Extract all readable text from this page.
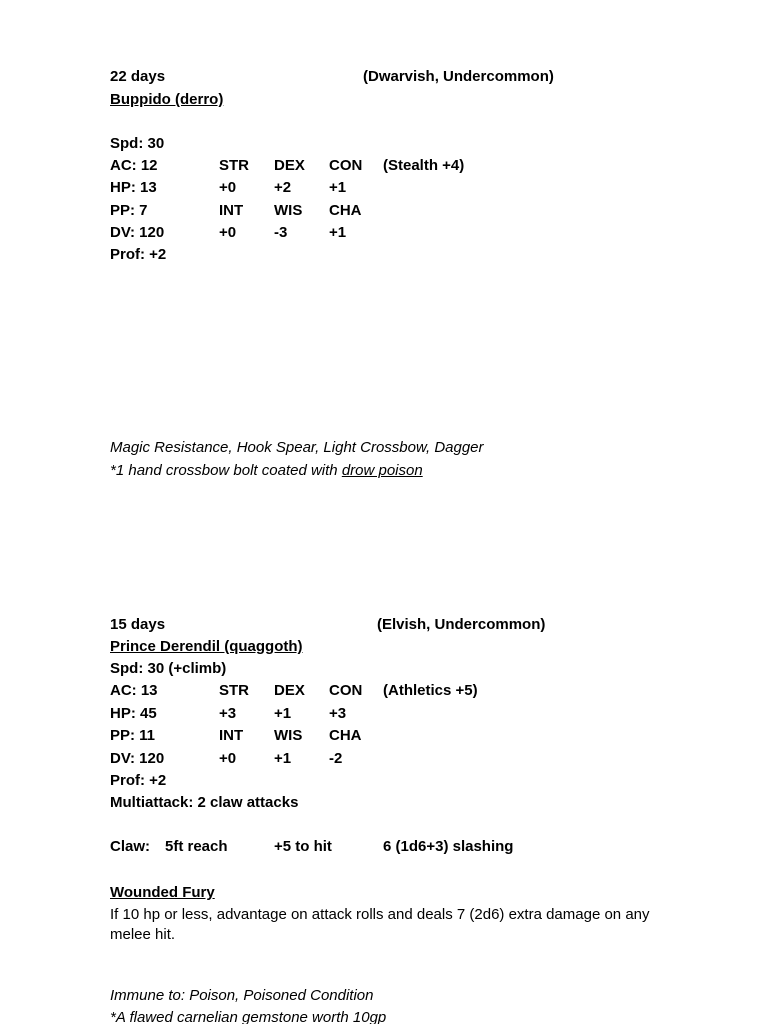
22 days	(Dwarvish, Undercommon)
Buppido (derro)
Spd: 30
AC: 12	STR DEX CON (Stealth +4)
HP: 13	+0	+2	+1
PP: 7	INT WIS CHA
DV: 120	+0	-3	+1
Prof: +2
Magic Resistance, Hook Spear, Light Crossbow, Dagger
*1 hand crossbow bolt coated with drow poison
15 days	(Elvish, Undercommon)
Prince Derendil (quaggoth)
Spd: 30 (+climb)
AC: 13	STR DEX CON (Athletics +5)
HP: 45	+3	+1	+3
PP: 11	INT WIS CHA
DV: 120	+0	+1	-2
Prof: +2
Multiattack: 2 claw attacks
Claw: 5ft reach	+5 to hit	6 (1d6+3) slashing
Wounded Fury
If 10 hp or less, advantage on attack rolls and deals 7 (2d6) extra damage on any melee hit.
Immune to: Poison, Poisoned Condition
*A flawed carnelian gemstone worth 10gp
